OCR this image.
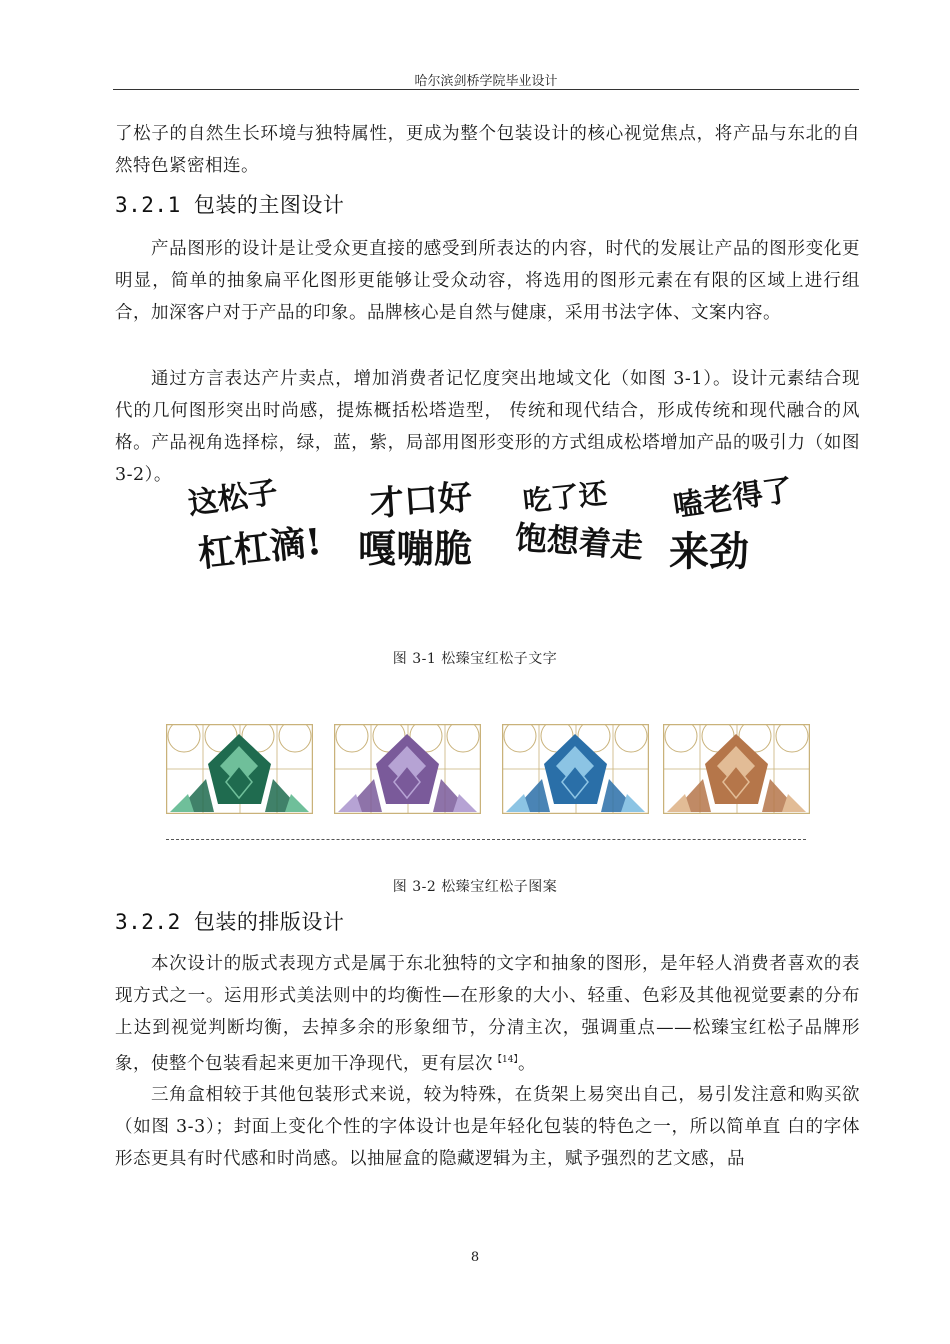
哈尔滨剑桥学院毕业设计
了松子的自然生长环境与独特属性，更成为整个包装设计的核心视觉焦点，将产品与东北的自然特色紧密相连。
3.2.1 包装的主图设计
产品图形的设计是让受众更直接的感受到所表达的内容，时代的发展让产品的图形变化更明显，简单的抽象扁平化图形更能够让受众动容，将选用的图形元素在有限的区域上进行组合，加深客户对于产品的印象。品牌核心是自然与健康，采用书法字体、文案内容。
通过方言表达产片卖点，增加消费者记忆度突出地域文化（如图 3-1）。设计元素结合现代的几何图形突出时尚感，提炼概括松塔造型， 传统和现代结合，形成传统和现代融合的风格。产品视角选择棕，绿，蓝，紫，局部用图形变形的方式组成松塔增加产品的吸引力（如图 3-2）。 这松子
杠杠滴!
才口好
嘎嘣脆
吃了还
饱想着走
嗑老得了
来劲
图 3-1 松臻宝红松子文字
图 3-2 松臻宝红松子图案
3.2.2 包装的排版设计
本次设计的版式表现方式是属于东北独特的文字和抽象的图形，是年轻人消费者喜欢的表现方式之一。运用形式美法则中的均衡性—在形象的大小、轻重、色彩及其他视觉要素的分布上达到视觉判断均衡，去掉多余的形象细节，分清主次，强调重点——松臻宝红松子品牌形象，使整个包装看起来更加干净现代，更有层次$^{【14】}$。
三角盒相较于其他包装形式来说，较为特殊，在货架上易突出自己，易引发注意和购买欲（如图 3-3）；封面上变化个性的字体设计也是年轻化包装的特色之一，所以简单直 白的字体形态更具有时代感和时尚感。以抽屉盒的隐藏逻辑为主，赋予强烈的艺文感，品
8
